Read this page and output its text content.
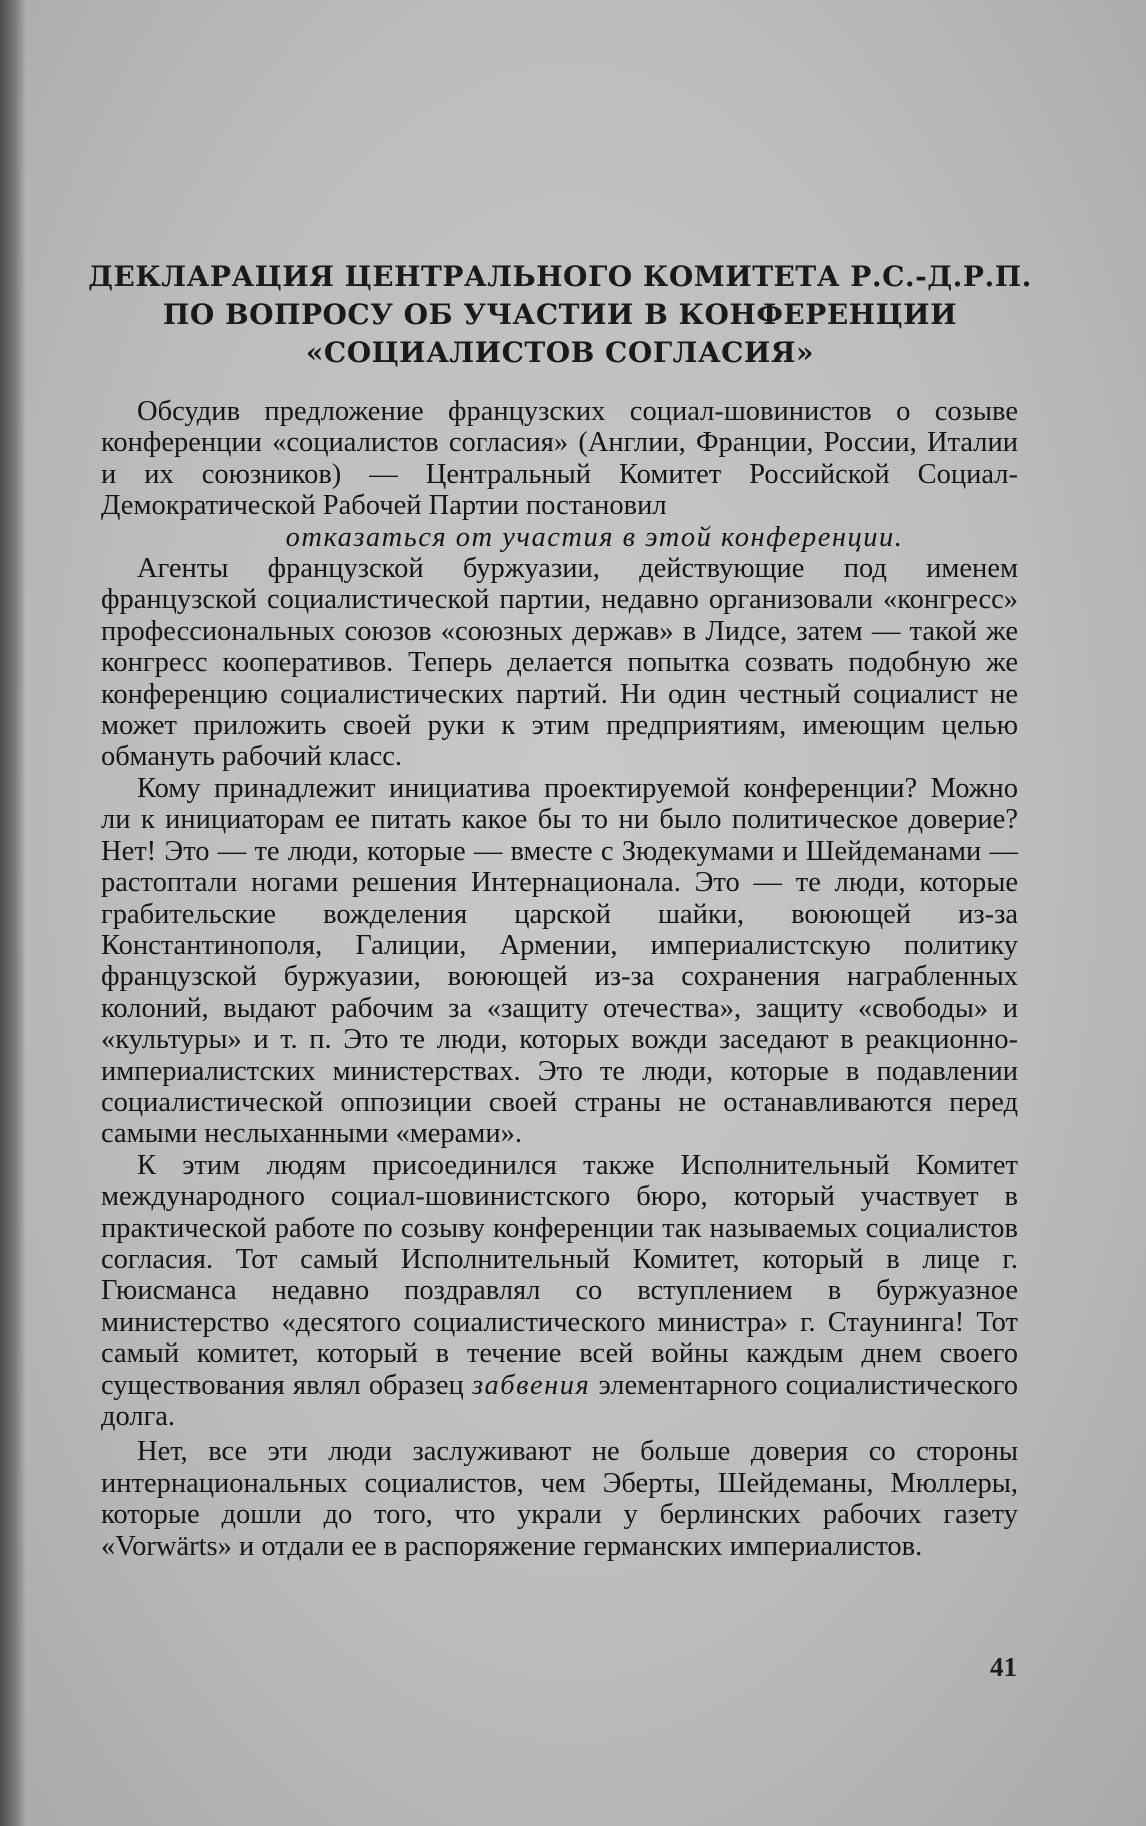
ДЕКЛАРАЦИЯ ЦЕНТРАЛЬНОГО КОМИТЕТА Р.С.-Д.Р.П.
ПО ВОПРОСУ ОБ УЧАСТИИ В КОНФЕРЕНЦИИ
«СОЦИАЛИСТОВ СОГЛАСИЯ»

Обсудив предложение французских социал-шовинистов о созыве конференции «социалистов согласия» (Англии, Франции, России, Италии и их союзников) — Центральный Комитет Российской Социал-Демократической Рабочей Партии постановил
отказаться от участия в этой конференции.

Агенты французской буржуазии, действующие под именем французской социалистической партии, недавно организовали «конгресс» профессиональных союзов «союзных держав» в Лидсе, затем — такой же конгресс кооперативов. Теперь делается попытка созвать подобную же конференцию социалистических партий. Ни один честный социалист не может приложить своей руки к этим предприятиям, имеющим целью обмануть рабочий класс.

Кому принадлежит инициатива проектируемой конференции? Можно ли к инициаторам ее питать какое бы то ни было политическое доверие? Нет! Это — те люди, которые — вместе с Зюдекумами и Шейдеманами — растоптали ногами решения Интернационала. Это — те люди, которые грабительские вожделения царской шайки, воюющей из-за Константинополя, Галиции, Армении, империалистскую политику французской буржуазии, воюющей из-за сохранения награбленных колоний, выдают рабочим за «защиту отечества», защиту «свободы» и «культуры» и т. п. Это те люди, которых вожди заседают в реакционно-империалистских министерствах. Это те люди, которые в подавлении социалистической оппозиции своей страны не останавливаются перед самыми неслыханными «мерами».

К этим людям присоединился также Исполнительный Комитет международного социал-шовинистского бюро, который участвует в практической работе по созыву конференции так называемых социалистов согласия. Тот самый Исполнительный Комитет, который в лице г. Гюисманса недавно поздравлял со вступлением в буржуазное министерство «десятого социалистического министра» г. Стаунинга! Тот самый комитет, который в течение всей войны каждым днем своего существования являл образец забвения элементарного социалистического долга.

Нет, все эти люди заслуживают не больше доверия со стороны интернациональных социалистов, чем Эберты, Шейдеманы, Мюллеры, которые дошли до того, что украли у берлинских рабочих газету «Vorwärts» и отдали ее в распоряжение германских империалистов.

41
